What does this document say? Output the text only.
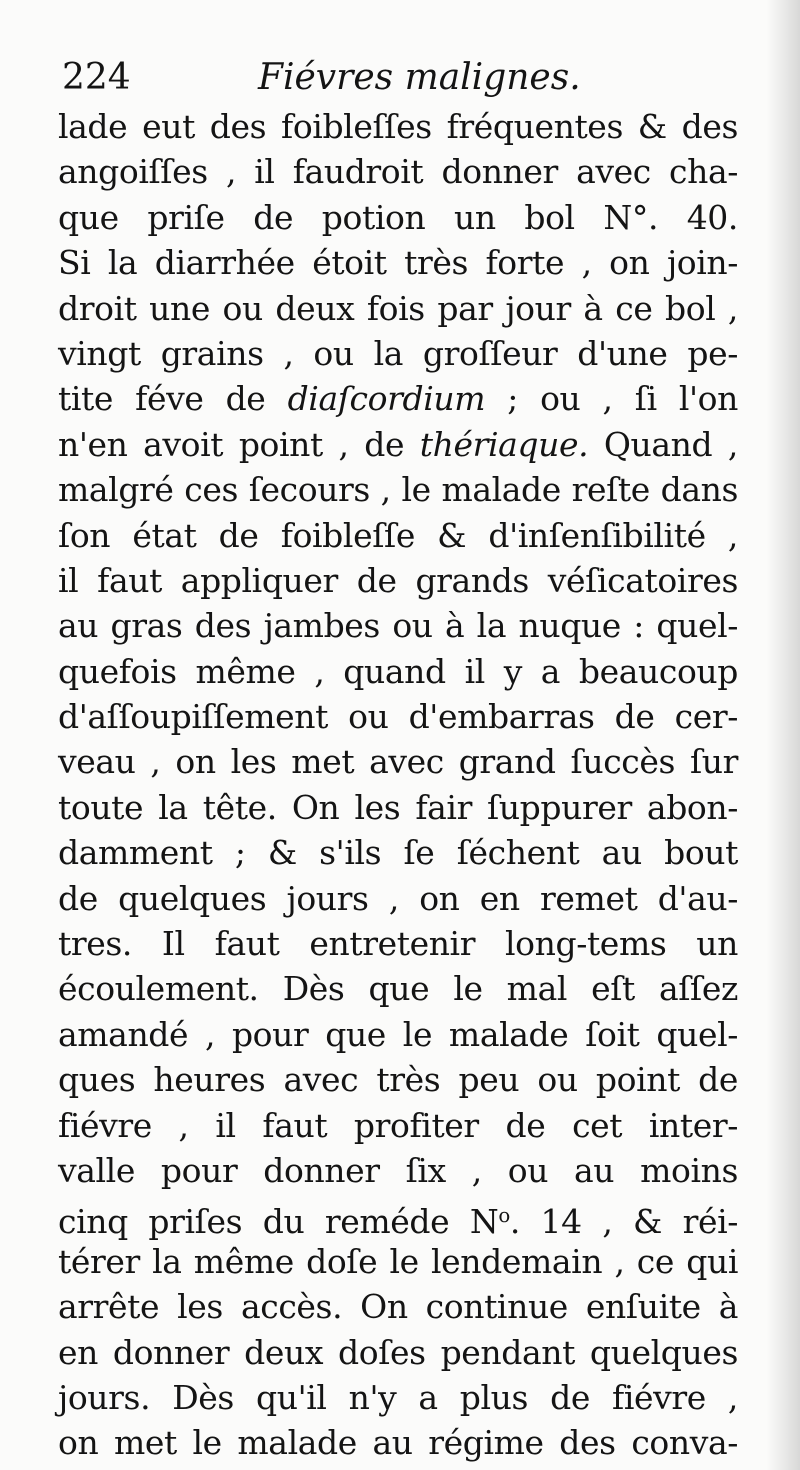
224	Fiévres malignes.
lade eut des foibleſſes fréquentes & des
angoiſſes , il faudroit donner avec cha-
que priſe de potion un bol N°. 40.
Si la diarrhée étoit très forte , on join-
droit une ou deux fois par jour à ce bol ,
vingt grains , ou la groſſeur d'une pe-
tite féve de diaſcordium ; ou , ſi l'on
n'en avoit point , de thériaque. Quand ,
malgré ces ſecours , le malade reſte dans
ſon état de foibleſſe & d'inſenſibilité ,
il faut appliquer de grands véſicatoires
au gras des jambes ou à la nuque : quel-
quefois même , quand il y a beaucoup
d'aſſoupiſſement ou d'embarras de cer-
veau , on les met avec grand ſuccès ſur
toute la tête. On les fair ſuppurer abon-
damment ; & s'ils ſe ſéchent au bout
de quelques jours , on en remet d'au-
tres. Il faut entretenir long-tems un
écoulement. Dès que le mal eſt aſſez
amandé , pour que le malade ſoit quel-
ques heures avec très peu ou point de
fiévre , il faut profiter de cet inter-
valle pour donner ſix , ou au moins
cinq priſes du reméde $N^o$. 14 , & réi-
térer la même doſe le lendemain , ce qui
arrête les accès. On continue enſuite à
en donner deux doſes pendant quelques
jours. Dès qu'il n'y a plus de fiévre ,
on met le malade au régime des conva-
